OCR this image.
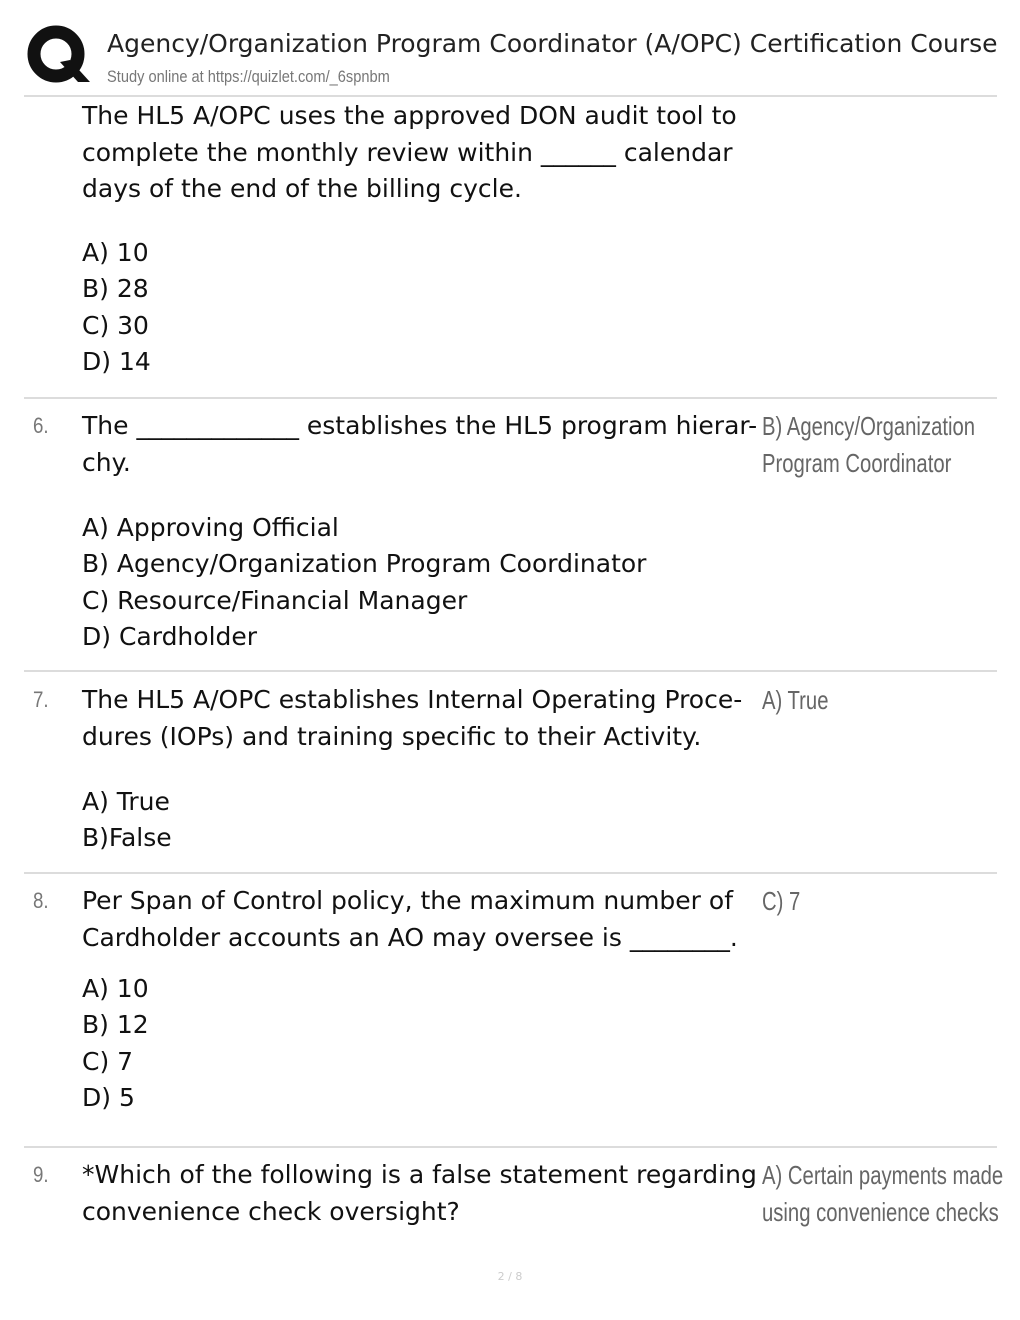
Agency/Organization Program Coordinator (A/OPC) Certification Course
Study online at https://quizlet.com/_6spnbm
The HL5 A/OPC uses the approved DON audit tool to
complete the monthly review within ______ calendar
days of the end of the billing cycle.
A) 10
B) 28
C) 30
D) 14
6. The _____________ establishes the HL5 program hierar-
chy.
A) Approving Official
B) Agency/Organization Program Coordinator
C) Resource/Financial Manager
D) Cardholder
B) Agency/Organization
Program Coordinator
7. The HL5 A/OPC establishes Internal Operating Proce-
dures (IOPs) and training specific to their Activity.
A) True
B)False
A) True
8. Per Span of Control policy, the maximum number of
Cardholder accounts an AO may oversee is ________.
A) 10
B) 12
C) 7
D) 5
C) 7
9. *Which of the following is a false statement regarding
convenience check oversight?
A) Certain payments made
using convenience checks
2 / 8
